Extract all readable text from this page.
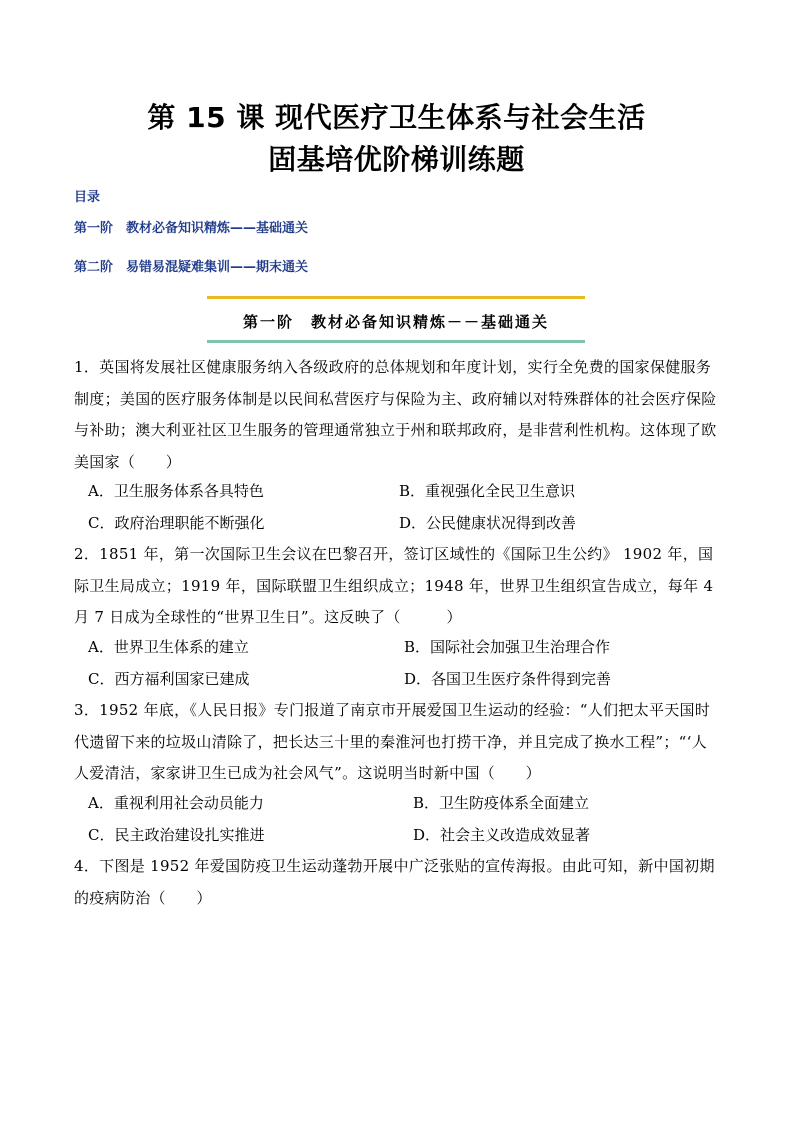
第 15 课 现代医疗卫生体系与社会生活
固基培优阶梯训练题
目录
第一阶　教材必备知识精炼——基础通关
第二阶　易错易混疑难集训——期末通关
第一阶　教材必备知识精炼－－基础通关
1．英国将发展社区健康服务纳入各级政府的总体规划和年度计划，实行全免费的国家保健服务制度；美国的医疗服务体制是以民间私营医疗与保险为主、政府辅以对特殊群体的社会医疗保险与补助；澳大利亚社区卫生服务的管理通常独立于州和联邦政府，是非营利性机构。这体现了欧美国家（　　）
A．卫生服务体系各具特色	B．重视强化全民卫生意识
C．政府治理职能不断强化	D．公民健康状况得到改善
2．1851 年，第一次国际卫生会议在巴黎召开，签订区域性的《国际卫生公约》 1902 年，国际卫生局成立；1919 年，国际联盟卫生组织成立；1948 年，世界卫生组织宣告成立，每年 4 月 7 日成为全球性的“世界卫生日”。这反映了（　　　）
A．世界卫生体系的建立	B．国际社会加强卫生治理合作
C．西方福利国家已建成	D．各国卫生医疗条件得到完善
3．1952 年底，《人民日报》专门报道了南京市开展爱国卫生运动的经验：“人们把太平天国时代遗留下来的垃圾山清除了，把长达三十里的秦淮河也打捞干净，并且完成了换水工程”；“‘人人爱清洁，家家讲卫生已成为社会风气”。这说明当时新中国（　　）
A．重视利用社会动员能力	B．卫生防疫体系全面建立
C．民主政治建设扎实推进	D．社会主义改造成效显著
4．下图是 1952 年爱国防疫卫生运动蓬勃开展中广泛张贴的宣传海报。由此可知，新中国初期的疫病防治（　　）
